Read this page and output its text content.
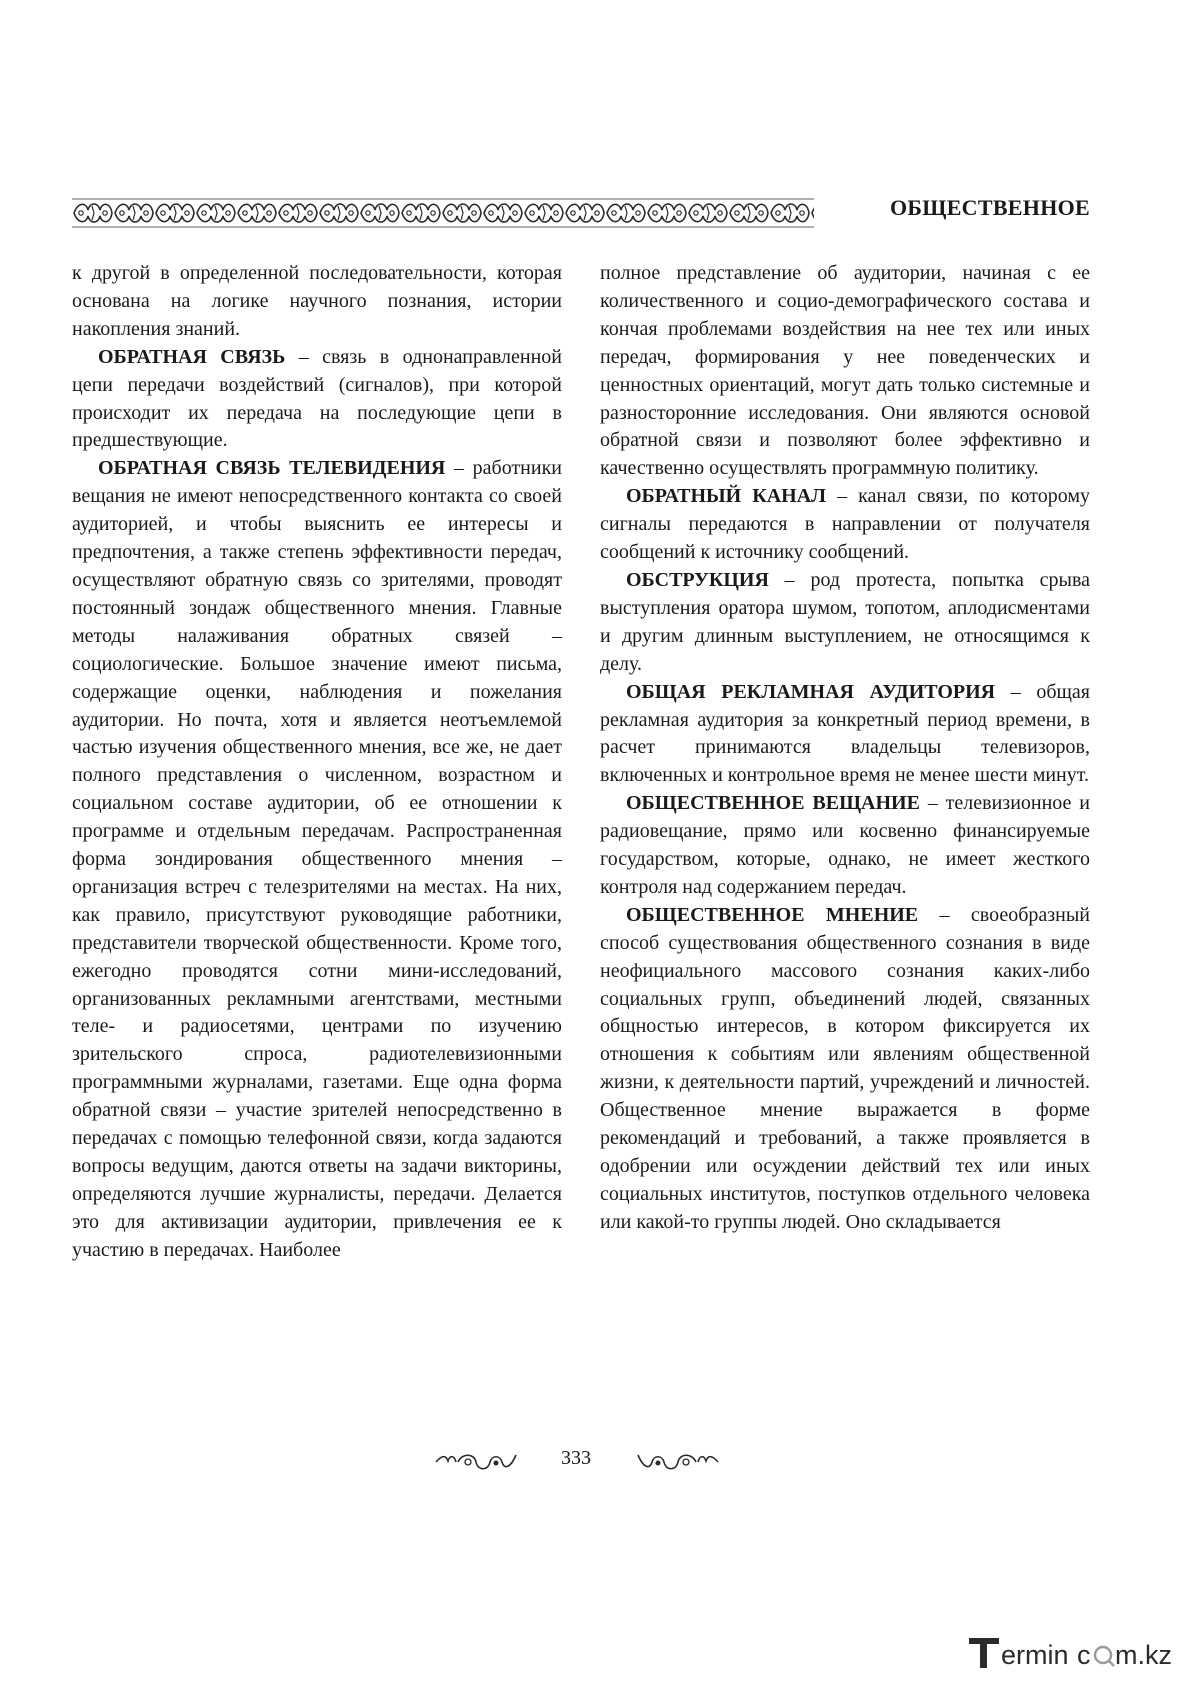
ОБЩЕСТВЕННОЕ

к другой в определенной последовательности, которая основана на логике научного познания, истории накопления знаний.

ОБРАТНАЯ СВЯЗЬ – связь в однонаправленной цепи передачи воздействий (сигналов), при которой происходит их передача на последующие цепи в предшествующие.

ОБРАТНАЯ СВЯЗЬ ТЕЛЕВИДЕНИЯ – работники вещания не имеют непосредственного контакта со своей аудиторией, и чтобы выяснить ее интересы и предпочтения, а также степень эффективности передач, осуществляют обратную связь со зрителями, проводят постоянный зондаж общественного мнения. Главные методы налаживания обратных связей – социологические. Большое значение имеют письма, содержащие оценки, наблюдения и пожелания аудитории. Но почта, хотя и является неотъемлемой частью изучения общественного мнения, все же, не дает полного представления о численном, возрастном и социальном составе аудитории, об ее отношении к программе и отдельным передачам. Распространенная форма зондирования общественного мнения – организация встреч с телезрителями на местах. На них, как правило, присутствуют руководящие работники, представители творческой общественности. Кроме того, ежегодно проводятся сотни мини-исследований, организованных рекламными агентствами, местными теле- и радиосетями, центрами по изучению зрительского спроса, радиотелевизионными программными журналами, газетами. Еще одна форма обратной связи – участие зрителей непосредственно в передачах с помощью телефонной связи, когда задаются вопросы ведущим, даются ответы на задачи викторины, определяются лучшие журналисты, передачи. Делается это для активизации аудитории, привлечения ее к участию в передачах. Наиболее

полное представление об аудитории, начиная с ее количественного и социо-демографического состава и кончая проблемами воздействия на нее тех или иных передач, формирования у нее поведенческих и ценностных ориентаций, могут дать только системные и разносторонние исследования. Они являются основой обратной связи и позволяют более эффективно и качественно осуществлять программную политику.

ОБРАТНЫЙ КАНАЛ – канал связи, по которому сигналы передаются в направлении от получателя сообщений к источнику сообщений.

ОБСТРУКЦИЯ – род протеста, попытка срыва выступления оратора шумом, топотом, аплодисментами и другим длинным выступлением, не относящимся к делу.

ОБЩАЯ РЕКЛАМНАЯ АУДИТОРИЯ – общая рекламная аудитория за конкретный период времени, в расчет принимаются владельцы телевизоров, включенных и контрольное время не менее шести минут.

ОБЩЕСТВЕННОЕ ВЕЩАНИЕ – телевизионное и радиовещание, прямо или косвенно финансируемые государством, которые, однако, не имеет жесткого контроля над содержанием передач.

ОБЩЕСТВЕННОЕ МНЕНИЕ – своеобразный способ существования общественного сознания в виде неофициального массового сознания каких-либо социальных групп, объединений людей, связанных общностью интересов, в котором фиксируется их отношения к событиям или явлениям общественной жизни, к деятельности партий, учреждений и личностей. Общественное мнение выражается в форме рекомендаций и требований, а также проявляется в одобрении или осуждении действий тех или иных социальных институтов, поступков отдельного человека или какой-то группы людей. Оно складывается

333
ermin c m.kz
